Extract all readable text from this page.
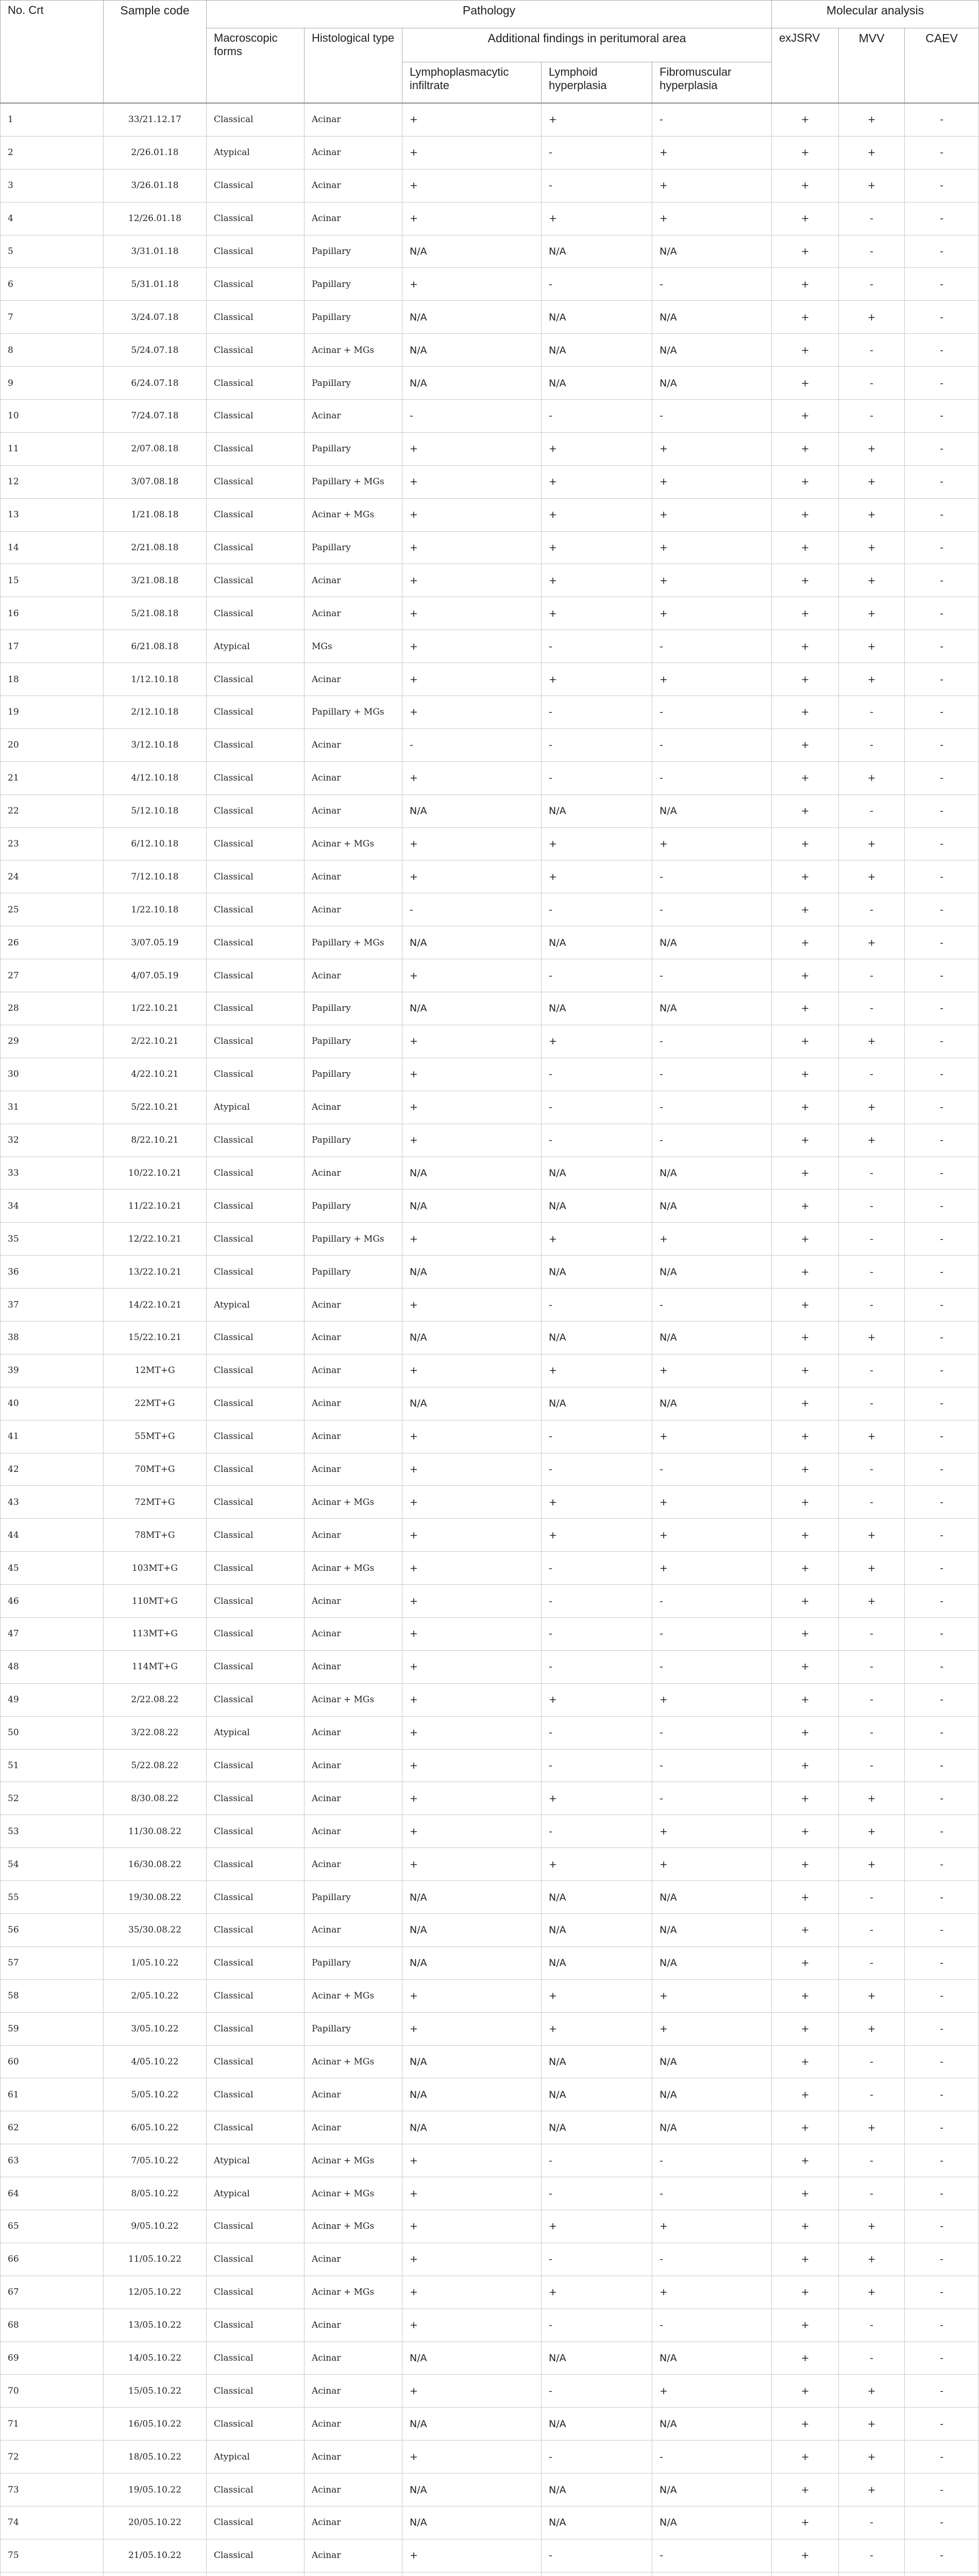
No. Crt	Sample code	Pathology					Molecular analysis		
		Macroscopic forms	Histological type	Additional findings in peritumoral area			exJSRV	MVV	CAEV
				Lymphoplasmacytic infiltrate	Lymphoid hyperplasia	Fibromuscular hyperplasia			
1	33/21.12.17	Classical	Acinar	+	+	-	+	+	-
2	2/26.01.18	Atypical	Acinar	+	-	+	+	+	-
3	3/26.01.18	Classical	Acinar	+	-	+	+	+	-
4	12/26.01.18	Classical	Acinar	+	+	+	+	-	-
5	3/31.01.18	Classical	Papillary	N/A	N/A	N/A	+	-	-
6	5/31.01.18	Classical	Papillary	+	-	-	+	-	-
7	3/24.07.18	Classical	Papillary	N/A	N/A	N/A	+	+	-
8	5/24.07.18	Classical	Acinar + MGs	N/A	N/A	N/A	+	-	-
9	6/24.07.18	Classical	Papillary	N/A	N/A	N/A	+	-	-
10	7/24.07.18	Classical	Acinar	-	-	-	+	-	-
11	2/07.08.18	Classical	Papillary	+	+	+	+	+	-
12	3/07.08.18	Classical	Papillary + MGs	+	+	+	+	+	-
13	1/21.08.18	Classical	Acinar + MGs	+	+	+	+	+	-
14	2/21.08.18	Classical	Papillary	+	+	+	+	+	-
15	3/21.08.18	Classical	Acinar	+	+	+	+	+	-
16	5/21.08.18	Classical	Acinar	+	+	+	+	+	-
17	6/21.08.18	Atypical	MGs	+	-	-	+	+	-
18	1/12.10.18	Classical	Acinar	+	+	+	+	+	-
19	2/12.10.18	Classical	Papillary + MGs	+	-	-	+	-	-
20	3/12.10.18	Classical	Acinar	-	-	-	+	-	-
21	4/12.10.18	Classical	Acinar	+	-	-	+	+	-
22	5/12.10.18	Classical	Acinar	N/A	N/A	N/A	+	-	-
23	6/12.10.18	Classical	Acinar + MGs	+	+	+	+	+	-
24	7/12.10.18	Classical	Acinar	+	+	-	+	+	-
25	1/22.10.18	Classical	Acinar	-	-	-	+	-	-
26	3/07.05.19	Classical	Papillary + MGs	N/A	N/A	N/A	+	+	-
27	4/07.05.19	Classical	Acinar	+	-	-	+	-	-
28	1/22.10.21	Classical	Papillary	N/A	N/A	N/A	+	-	-
29	2/22.10.21	Classical	Papillary	+	+	-	+	+	-
30	4/22.10.21	Classical	Papillary	+	-	-	+	-	-
31	5/22.10.21	Atypical	Acinar	+	-	-	+	+	-
32	8/22.10.21	Classical	Papillary	+	-	-	+	+	-
33	10/22.10.21	Classical	Acinar	N/A	N/A	N/A	+	-	-
34	11/22.10.21	Classical	Papillary	N/A	N/A	N/A	+	-	-
35	12/22.10.21	Classical	Papillary + MGs	+	+	+	+	-	-
36	13/22.10.21	Classical	Papillary	N/A	N/A	N/A	+	-	-
37	14/22.10.21	Atypical	Acinar	+	-	-	+	-	-
38	15/22.10.21	Classical	Acinar	N/A	N/A	N/A	+	+	-
39	12MT+G	Classical	Acinar	+	+	+	+	-	-
40	22MT+G	Classical	Acinar	N/A	N/A	N/A	+	-	-
41	55MT+G	Classical	Acinar	+	-	+	+	+	-
42	70MT+G	Classical	Acinar	+	-	-	+	-	-
43	72MT+G	Classical	Acinar + MGs	+	+	+	+	-	-
44	78MT+G	Classical	Acinar	+	+	+	+	+	-
45	103MT+G	Classical	Acinar + MGs	+	-	+	+	+	-
46	110MT+G	Classical	Acinar	+	-	-	+	+	-
47	113MT+G	Classical	Acinar	+	-	-	+	-	-
48	114MT+G	Classical	Acinar	+	-	-	+	-	-
49	2/22.08.22	Classical	Acinar + MGs	+	+	+	+	-	-
50	3/22.08.22	Atypical	Acinar	+	-	-	+	-	-
51	5/22.08.22	Classical	Acinar	+	-	-	+	-	-
52	8/30.08.22	Classical	Acinar	+	+	-	+	+	-
53	11/30.08.22	Classical	Acinar	+	-	+	+	+	-
54	16/30.08.22	Classical	Acinar	+	+	+	+	+	-
55	19/30.08.22	Classical	Papillary	N/A	N/A	N/A	+	-	-
56	35/30.08.22	Classical	Acinar	N/A	N/A	N/A	+	-	-
57	1/05.10.22	Classical	Papillary	N/A	N/A	N/A	+	-	-
58	2/05.10.22	Classical	Acinar + MGs	+	+	+	+	+	-
59	3/05.10.22	Classical	Papillary	+	+	+	+	+	-
60	4/05.10.22	Classical	Acinar + MGs	N/A	N/A	N/A	+	-	-
61	5/05.10.22	Classical	Acinar	N/A	N/A	N/A	+	-	-
62	6/05.10.22	Classical	Acinar	N/A	N/A	N/A	+	+	-
63	7/05.10.22	Atypical	Acinar + MGs	+	-	-	+	-	-
64	8/05.10.22	Atypical	Acinar + MGs	+	-	-	+	-	-
65	9/05.10.22	Classical	Acinar + MGs	+	+	+	+	+	-
66	11/05.10.22	Classical	Acinar	+	-	-	+	+	-
67	12/05.10.22	Classical	Acinar + MGs	+	+	+	+	+	-
68	13/05.10.22	Classical	Acinar	+	-	-	+	-	-
69	14/05.10.22	Classical	Acinar	N/A	N/A	N/A	+	-	-
70	15/05.10.22	Classical	Acinar	+	-	+	+	+	-
71	16/05.10.22	Classical	Acinar	N/A	N/A	N/A	+	+	-
72	18/05.10.22	Atypical	Acinar	+	-	-	+	+	-
73	19/05.10.22	Classical	Acinar	N/A	N/A	N/A	+	+	-
74	20/05.10.22	Classical	Acinar	N/A	N/A	N/A	+	-	-
75	21/05.10.22	Classical	Acinar	+	-	-	+	-	-
